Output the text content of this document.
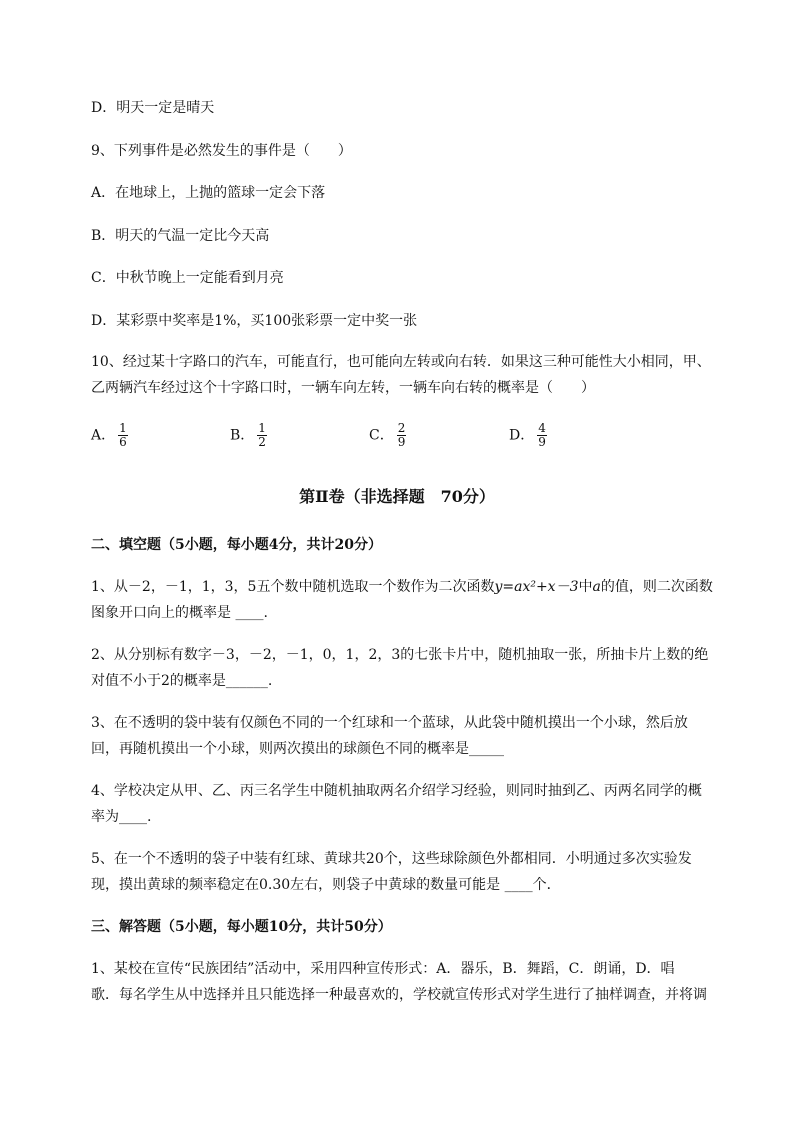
D．明天一定是晴天
9、下列事件是必然发生的事件是（　　）
A．在地球上，上抛的篮球一定会下落
B．明天的气温一定比今天高
C．中秋节晚上一定能看到月亮
D．某彩票中奖率是1%，买100张彩票一定中奖一张
10、经过某十字路口的汽车，可能直行，也可能向左转或向右转．如果这三种可能性大小相同，甲、
乙两辆汽车经过这个十字路口时，一辆车向左转，一辆车向右转的概率是（　　）
A． $\frac{1}{6}$	B． $\frac{1}{2}$	C． $\frac{2}{9}$	D． $\frac{4}{9}$
第Ⅱ卷（非选择题　70分）
二、填空题（5小题，每小题4分，共计20分）
1、从－2，－1，1，3，5五个数中随机选取一个数作为二次函数y=ax²+x－3中a的值，则二次函数
图象开口向上的概率是 ____.
2、从分别标有数字－3，－2，－1，0，1，2，3的七张卡片中，随机抽取一张，所抽卡片上数的绝
对值不小于2的概率是______.
3、在不透明的袋中装有仅颜色不同的一个红球和一个蓝球，从此袋中随机摸出一个小球，然后放
回，再随机摸出一个小球，则两次摸出的球颜色不同的概率是_____
4、学校决定从甲、乙、丙三名学生中随机抽取两名介绍学习经验，则同时抽到乙、丙两名同学的概
率为____.
5、在一个不透明的袋子中装有红球、黄球共20个，这些球除颜色外都相同．小明通过多次实验发
现，摸出黄球的频率稳定在0.30左右，则袋子中黄球的数量可能是 ____个．
三、解答题（5小题，每小题10分，共计50分）
1、某校在宣传“民族团结”活动中，采用四种宣传形式：A．器乐，B．舞蹈，C．朗诵，D．唱
歌．每名学生从中选择并且只能选择一种最喜欢的，学校就宣传形式对学生进行了抽样调查，并将调
